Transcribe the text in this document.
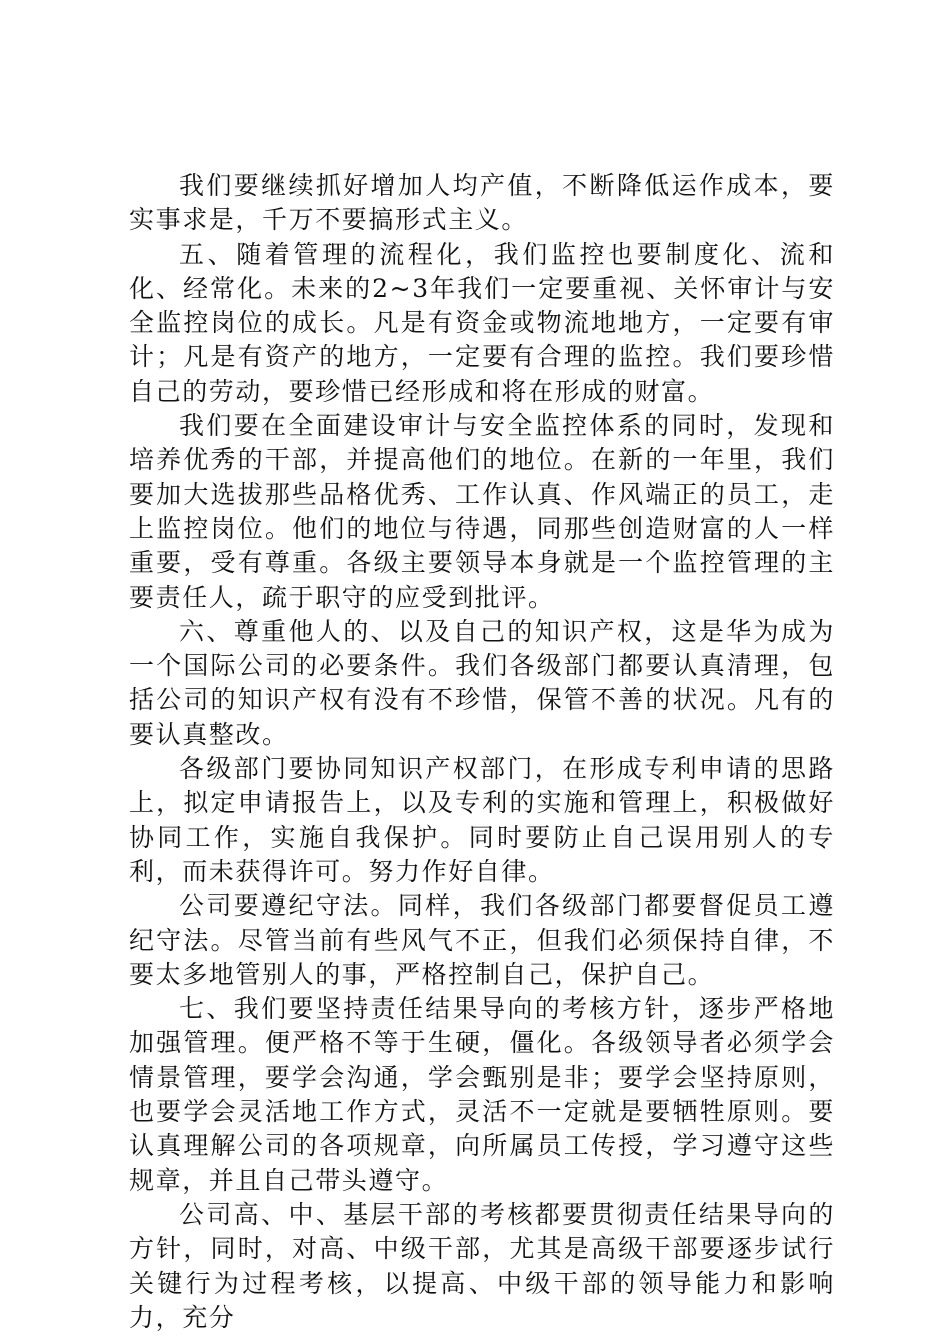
我们要继续抓好增加人均产值，不断降低运作成本，要实事求是，千万不要搞形式主义。

五、随着管理的流程化，我们监控也要制度化、流和化、经常化。未来的2~3年我们一定要重视、关怀审计与安全监控岗位的成长。凡是有资金或物流地地方，一定要有审计；凡是有资产的地方，一定要有合理的监控。我们要珍惜自己的劳动，要珍惜已经形成和将在形成的财富。

我们要在全面建设审计与安全监控体系的同时，发现和培养优秀的干部，并提高他们的地位。在新的一年里，我们要加大选拔那些品格优秀、工作认真、作风端正的员工，走上监控岗位。他们的地位与待遇，同那些创造财富的人一样重要，受有尊重。各级主要领导本身就是一个监控管理的主要责任人，疏于职守的应受到批评。

六、尊重他人的、以及自己的知识产权，这是华为成为一个国际公司的必要条件。我们各级部门都要认真清理，包括公司的知识产权有没有不珍惜，保管不善的状况。凡有的要认真整改。

各级部门要协同知识产权部门，在形成专利申请的思路上，拟定申请报告上，以及专利的实施和管理上，积极做好协同工作，实施自我保护。同时要防止自己误用别人的专利，而未获得许可。努力作好自律。

公司要遵纪守法。同样，我们各级部门都要督促员工遵纪守法。尽管当前有些风气不正，但我们必须保持自律，不要太多地管别人的事，严格控制自己，保护自己。

七、我们要坚持责任结果导向的考核方针，逐步严格地加强管理。便严格不等于生硬，僵化。各级领导者必须学会情景管理，要学会沟通，学会甄别是非；要学会坚持原则，也要学会灵活地工作方式，灵活不一定就是要牺牲原则。要认真理解公司的各项规章，向所属员工传授，学习遵守这些规章，并且自己带头遵守。

公司高、中、基层干部的考核都要贯彻责任结果导向的方针，同时，对高、中级干部，尤其是高级干部要逐步试行关键行为过程考核，以提高、中级干部的领导能力和影响力，充分
